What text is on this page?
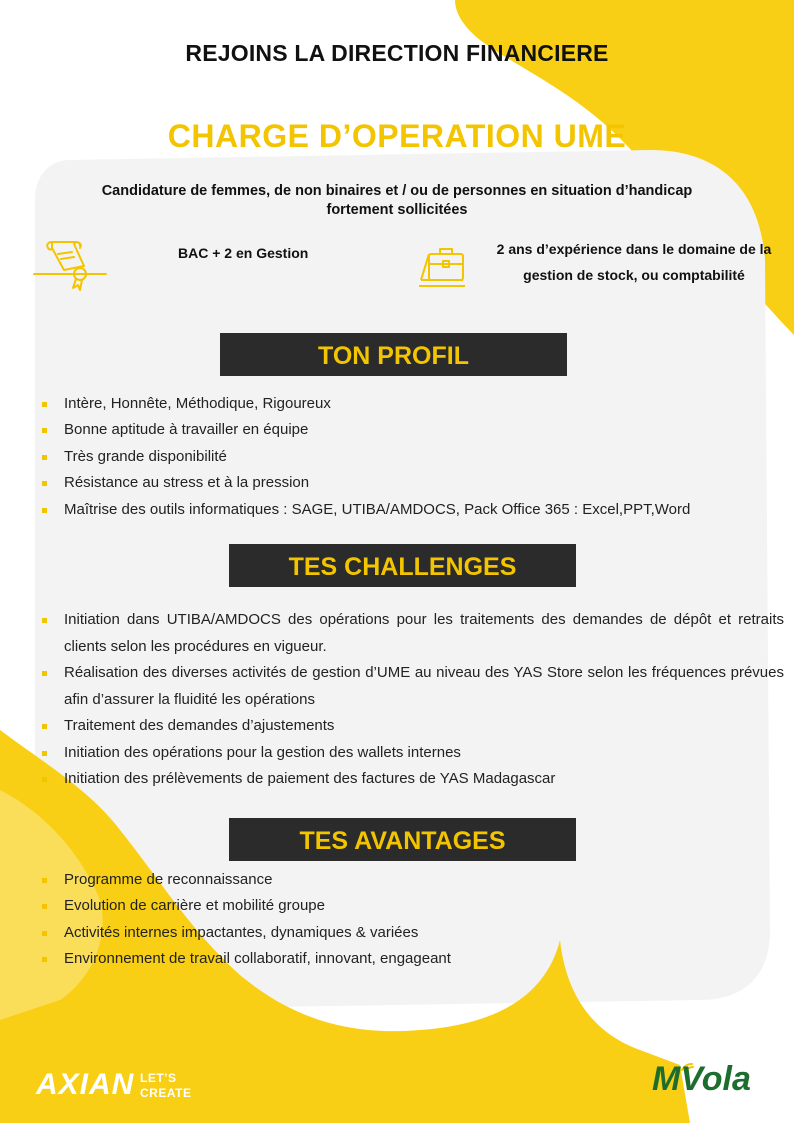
REJOINS LA DIRECTION FINANCIERE
CHARGE D’OPERATION UME
Candidature de femmes, de non binaires et / ou de personnes en situation d’handicap fortement sollicitées
BAC + 2 en Gestion	2 ans d’expérience dans le domaine de la gestion de stock, ou comptabilité
TON PROFIL
Intère, Honnête, Méthodique, Rigoureux
Bonne aptitude à travailler en équipe
Très grande disponibilité
Résistance au stress et à la pression
Maîtrise des outils informatiques : SAGE, UTIBA/AMDOCS, Pack Office 365 : Excel,PPT,Word
TES CHALLENGES
Initiation dans UTIBA/AMDOCS des opérations pour les traitements des demandes de dépôt et retraits clients selon les procédures en vigueur.
Réalisation des diverses activités de gestion d’UME au niveau des YAS Store selon les fréquences prévues afin d’assurer la fluidité les opérations
Traitement des demandes d’ajustements
Initiation des opérations pour la gestion des wallets internes
Initiation des prélèvements de paiement des factures de YAS Madagascar
TES AVANTAGES
Programme de reconnaissance
Evolution de carrière et mobilité groupe
Activités internes impactantes, dynamiques & variées
Environnement de travail collaboratif, innovant, engageant
AXIAN LET’S
CREATE	MVola
